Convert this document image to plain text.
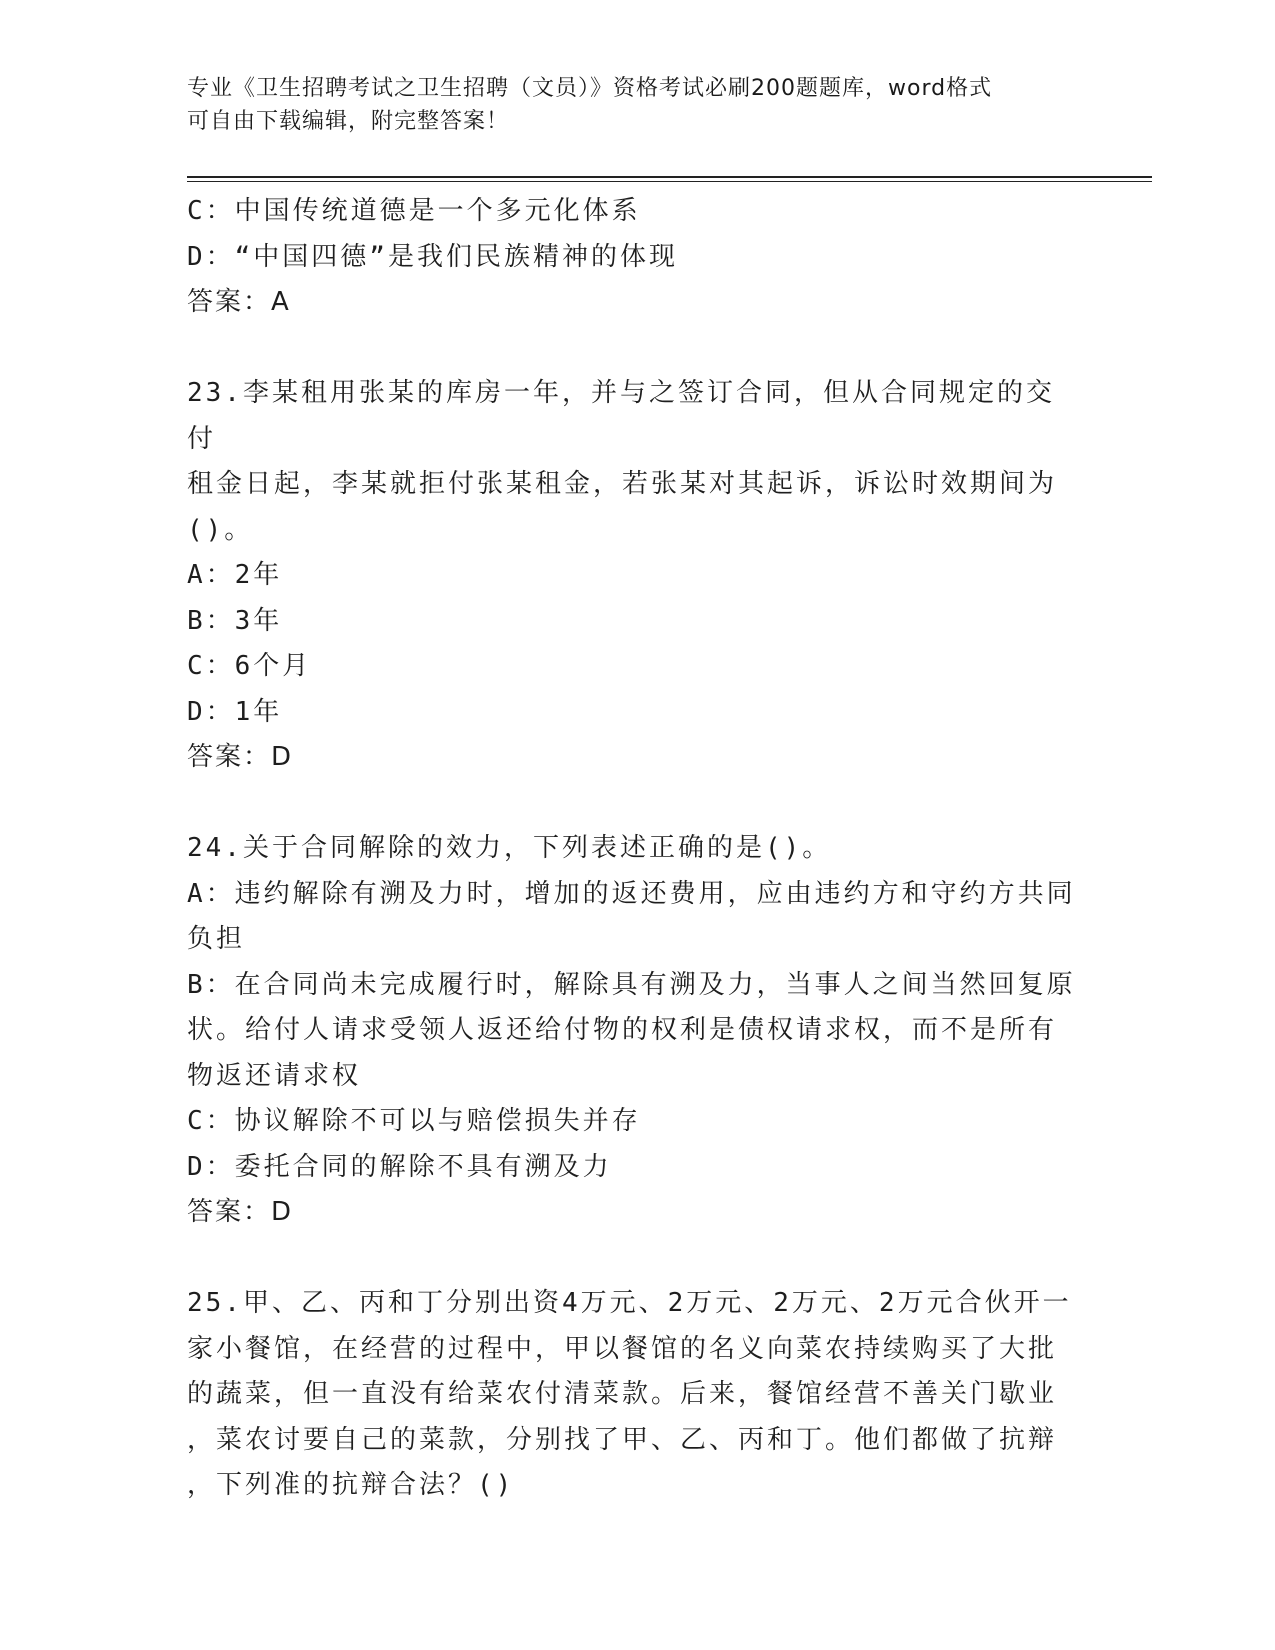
专业《卫生招聘考试之卫生招聘（文员）》资格考试必刷200题题库，word格式
可自由下载编辑，附完整答案！
C：中国传统道德是一个多元化体系
D：“中国四德”是我们民族精神的体现
答案：A
23.李某租用张某的库房一年，并与之签订合同，但从合同规定的交付
租金日起，李某就拒付张某租金，若张某对其起诉，诉讼时效期间为
()。
A：2年
B：3年
C：6个月
D：1年
答案：D
24.关于合同解除的效力，下列表述正确的是()。
A：违约解除有溯及力时，增加的返还费用，应由违约方和守约方共同
负担
B：在合同尚未完成履行时，解除具有溯及力，当事人之间当然回复原
状。给付人请求受领人返还给付物的权利是债权请求权，而不是所有
物返还请求权
C：协议解除不可以与赔偿损失并存
D：委托合同的解除不具有溯及力
答案：D
25.甲、乙、丙和丁分别出资4万元、2万元、2万元、2万元合伙开一
家小餐馆，在经营的过程中，甲以餐馆的名义向菜农持续购买了大批
的蔬菜，但一直没有给菜农付清菜款。后来，餐馆经营不善关门歇业
，菜农讨要自己的菜款，分别找了甲、乙、丙和丁。他们都做了抗辩
，下列准的抗辩合法？()
